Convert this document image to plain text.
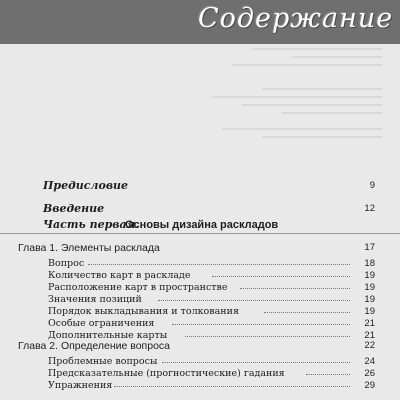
Содержание
Предисловие	9
Введение	12
Часть первая.
Основы дизайна раскладов
Глава 1. Элементы расклада	17
Вопрос	18
Количество карт в раскладе	19
Расположение карт в пространстве	19
Значения позиций	19
Порядок выкладывания и толкования	19
Особые ограничения	21
Дополнительные карты	21
Глава 2. Определение вопроса	22
Проблемные вопросы	24
Предсказательные (прогностические) гадания	26
Упражнения	29
